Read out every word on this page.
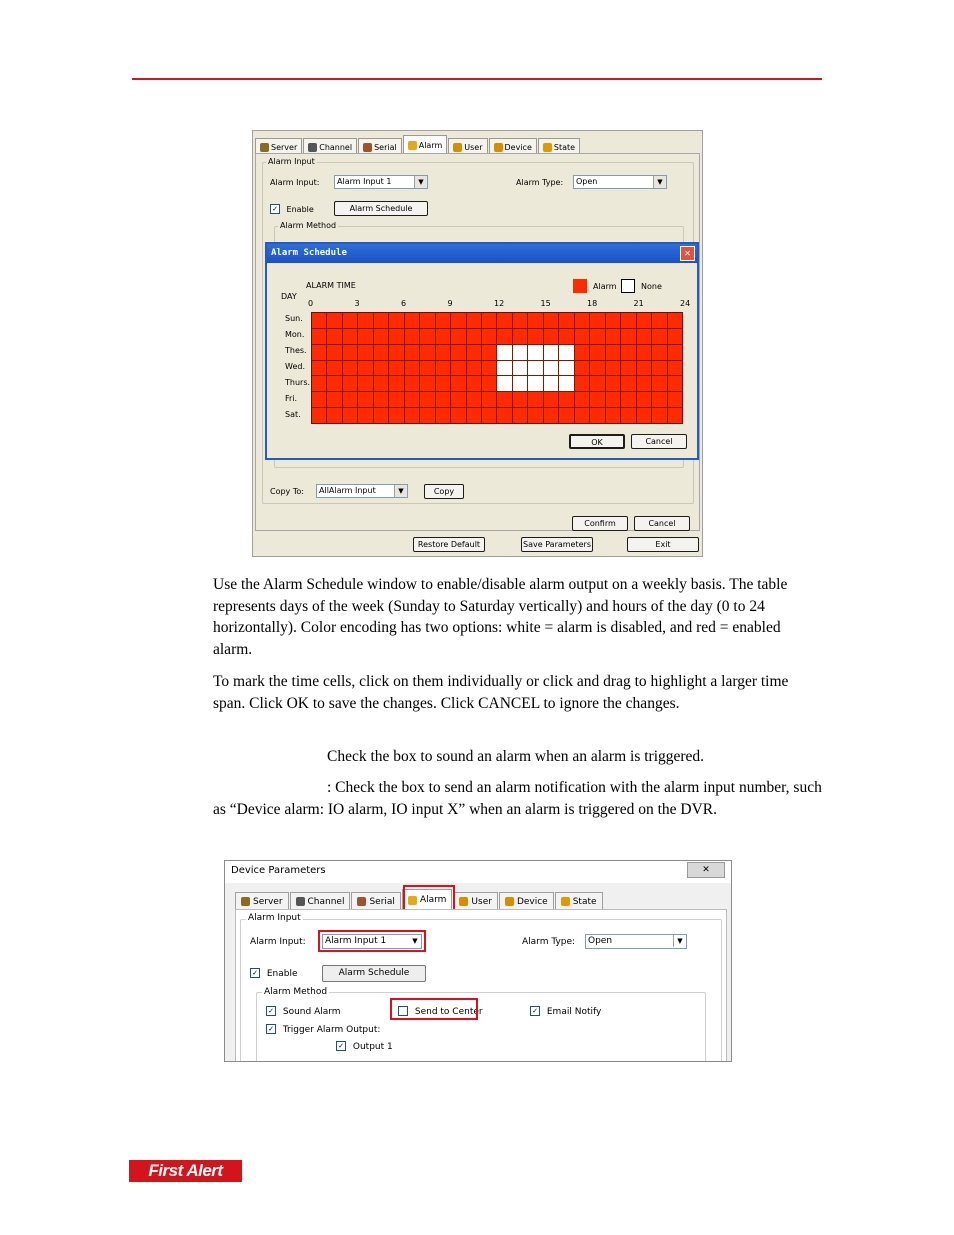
Server	Channel	Serial	Alarm	User	Device	State
Alarm Input
Alarm Input:	Alarm Input 1	▼	Alarm Type:	Open	▼
✓ Enable	Alarm Schedule
Alarm Method
Copy To:	AllAlarm Input	▼	Copy
Confirm	Cancel
Restore Default	Save Parameters	Exit
Alarm Schedule	✕
ALARM TIME
DAY
Alarm	None
0	3	6	9	12	15	18	21	24
Sun.
Mon.
Thes.
Wed.
Thurs.
Fri.
Sat.
OK	Cancel
Use the Alarm Schedule window to enable/disable alarm output on a weekly basis. The table represents days of the week (Sunday to Saturday vertically) and hours of the day (0 to 24 horizontally). Color encoding has two options: white = alarm is disabled, and red = enabled alarm.
To mark the time cells, click on them individually or click and drag to highlight a larger time span. Click OK to save the changes. Click CANCEL to ignore the changes.
Check the box to sound an alarm when an alarm is triggered.
: Check the box to send an alarm notification with the alarm input number, such as “Device alarm: IO alarm, IO input X” when an alarm is triggered on the DVR.
Device Parameters	✕
Server	Channel	Serial	Alarm	User	Device	State
Alarm Input
Alarm Input:	Alarm Input 1	▼	Alarm Type:	Open	▼
✓ Enable	Alarm Schedule
Alarm Method
✓ Sound Alarm	Send to Center	✓ Email Notify
✓ Trigger Alarm Output:
✓ Output 1
First Alert
